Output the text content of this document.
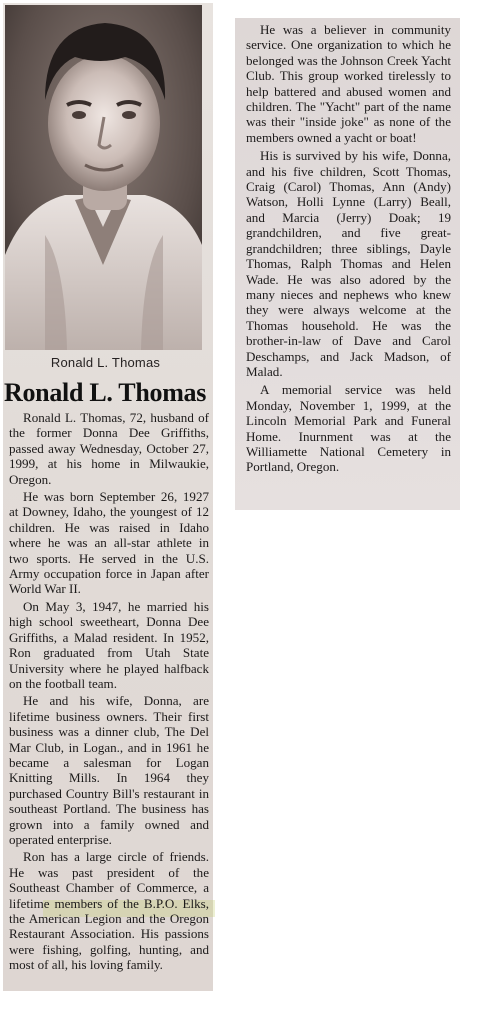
Ronald L. Thomas
Ronald L. Thomas

Ronald L. Thomas, 72, husband of the former Donna Dee Griffiths, passed away Wednesday, October 27, 1999, at his home in Milwaukie, Oregon.

He was born September 26, 1927 at Downey, Idaho, the youngest of 12 children. He was raised in Idaho where he was an all-star athlete in two sports. He served in the U.S. Army occupation force in Japan after World War II.

On May 3, 1947, he married his high school sweetheart, Donna Dee Griffiths, a Malad resident. In 1952, Ron graduated from Utah State University where he played halfback on the football team.

He and his wife, Donna, are lifetime business owners. Their first business was a dinner club, The Del Mar Club, in Logan., and in 1961 he became a salesman for Logan Knitting Mills. In 1964 they purchased Country Bill's restaurant in southeast Portland. The business has grown into a family owned and operated enterprise.

Ron has a large circle of friends. He was past president of the Southeast Chamber of Commerce, a lifetime members of the B.P.O. Elks, the American Legion and the Oregon Restaurant Association. His passions were fishing, golfing, hunting, and most of all, his loving family.

He was a believer in community service. One organization to which he belonged was the Johnson Creek Yacht Club. This group worked tirelessly to help battered and abused women and children. The "Yacht" part of the name was their "inside joke" as none of the members owned a yacht or boat!

His is survived by his wife, Donna, and his five children, Scott Thomas, Craig (Carol) Thomas, Ann (Andy) Watson, Holli Lynne (Larry) Beall, and Marcia (Jerry) Doak; 19 grandchildren, and five great-grandchildren; three siblings, Dayle Thomas, Ralph Thomas and Helen Wade. He was also adored by the many nieces and nephews who knew they were always welcome at the Thomas household. He was the brother-in-law of Dave and Carol Deschamps, and Jack Madson, of Malad.

A memorial service was held Monday, November 1, 1999, at the Lincoln Memorial Park and Funeral Home. Inurnment was at the Williamette National Cemetery in Portland, Oregon.
